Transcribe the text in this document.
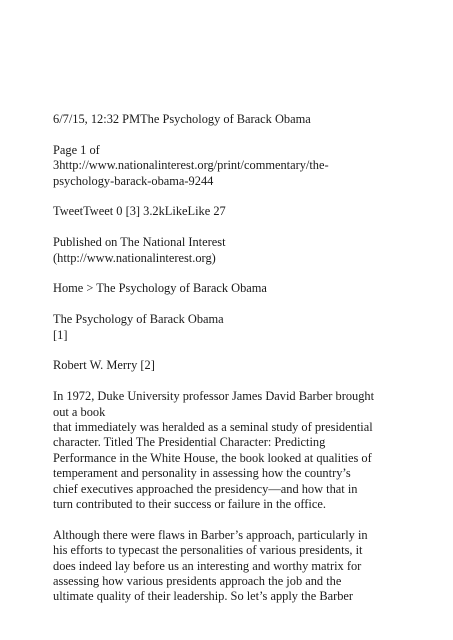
6/7/15, 12:32 PMThe Psychology of Barack Obama

Page 1 of
3http://www.nationalinterest.org/print/commentary/the-
psychology-barack-obama-9244

TweetTweet 0 [3] 3.2kLikeLike 27

Published on The National Interest
(http://www.nationalinterest.org)

Home > The Psychology of Barack Obama

The Psychology of Barack Obama
[1]

Robert W. Merry [2]

In 1972, Duke University professor James David Barber brought
out a book
that immediately was heralded as a seminal study of presidential
character. Titled The Presidential Character: Predicting
Performance in the White House, the book looked at qualities of
temperament and personality in assessing how the country’s
chief executives approached the presidency—and how that in
turn contributed to their success or failure in the office.

Although there were flaws in Barber’s approach, particularly in
his efforts to typecast the personalities of various presidents, it
does indeed lay before us an interesting and worthy matrix for
assessing how various presidents approach the job and the
ultimate quality of their leadership. So let’s apply the Barber
